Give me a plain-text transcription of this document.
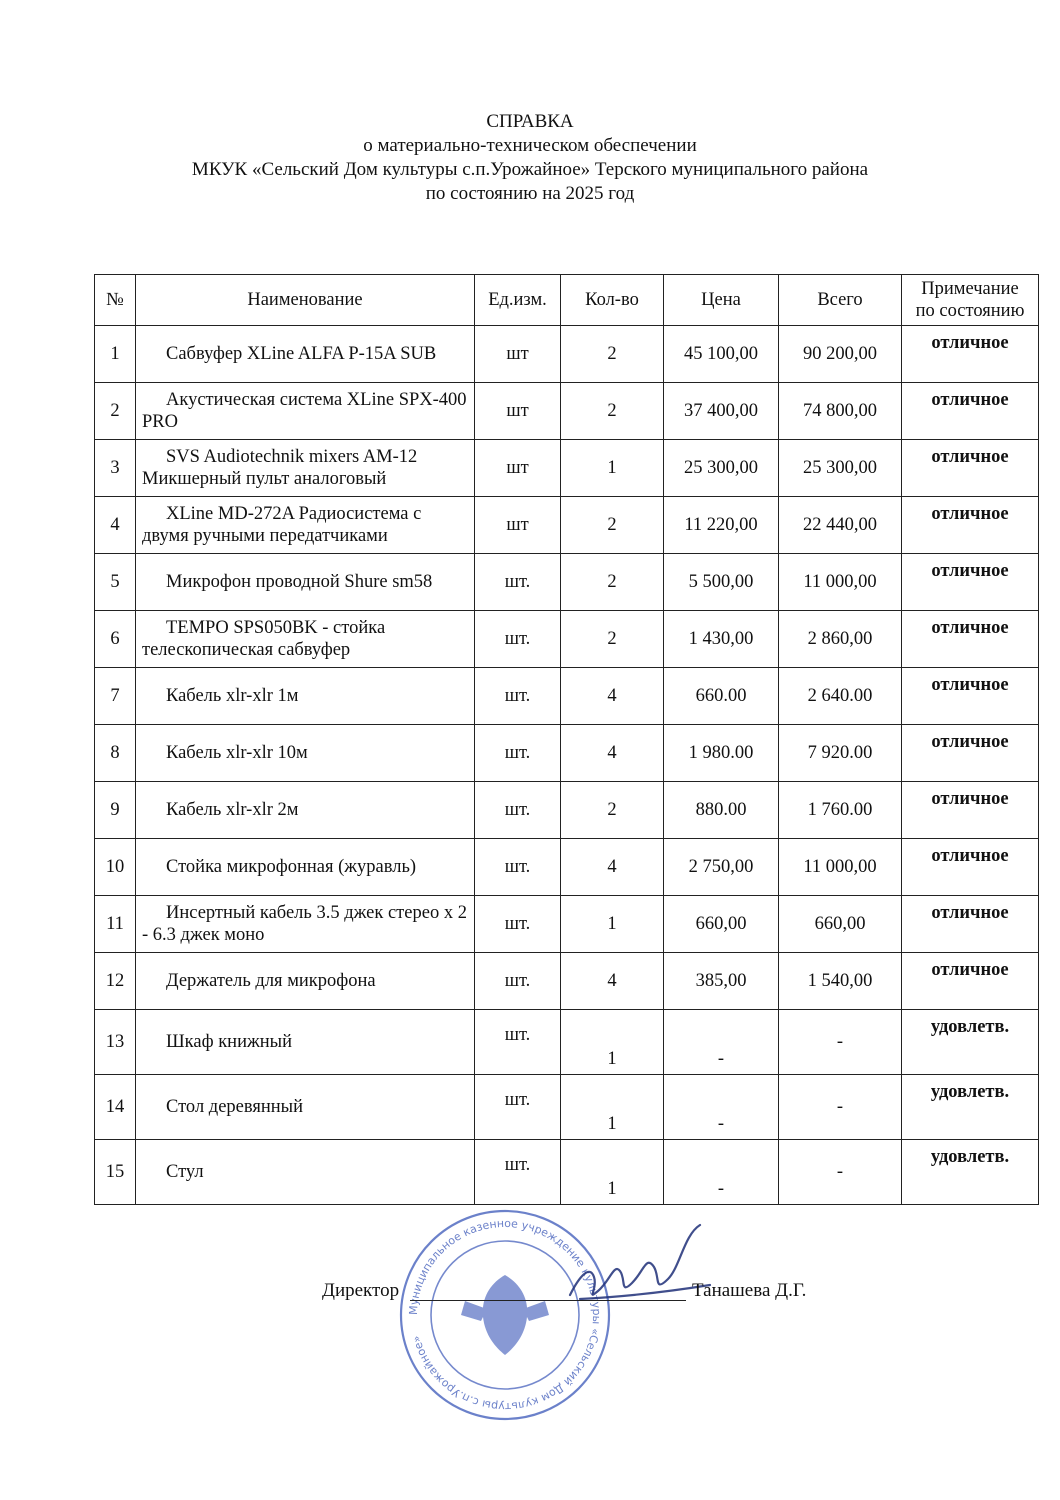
СПРАВКА
о материально-техническом обеспечении
МКУК «Сельский Дом культуры с.п.Урожайное» Терского муниципального района
по состоянию на 2025 год
№	Наименование	Ед.изм.	Кол-во	Цена	Всего	Примечание
по состоянию

1	Сабвуфер XLine ALFA P-15A SUB	шт	2	45 100,00	90 200,00	отличное
2	Акустическая система XLine SPX-400 PRO	шт	2	37 400,00	74 800,00	отличное
3	SVS Audiotechnik mixers AM-12 Микшерный пульт аналоговый	шт	1	25 300,00	25 300,00	отличное
4	XLine MD-272A Радиосистема с двумя ручными передатчиками	шт	2	11 220,00	22 440,00	отличное
5	Микрофон проводной Shure sm58	шт.	2	5 500,00	11 000,00	отличное
6	TEMPO SPS050BK - стойка телескопическая сабвуфер	шт.	2	1 430,00	2 860,00	отличное
7	Кабель xlr-xlr 1м	шт.	4	660.00	2 640.00	отличное
8	Кабель xlr-xlr 10м	шт.	4	1 980.00	7 920.00	отличное
9	Кабель xlr-xlr 2м	шт.	2	880.00	1 760.00	отличное
10	Стойка микрофонная (журавль)	шт.	4	2 750,00	11 000,00	отличное
11	Инсертный кабель 3.5 джек стерео х 2 - 6.3 джек моно	шт.	1	660,00	660,00	отличное
12	Держатель для микрофона	шт.	4	385,00	1 540,00	отличное
13	Шкаф книжный	шт.	1	-	-	удовлетв.
14	Стол деревянный	шт.	1	-	-	удовлетв.
15	Стул	шт.	1	-	-	удовлетв.
Муниципальное казенное учреждение культуры «Сельский Дом культуры с.п.Урожайное»
Директор	Танашева Д.Г.
